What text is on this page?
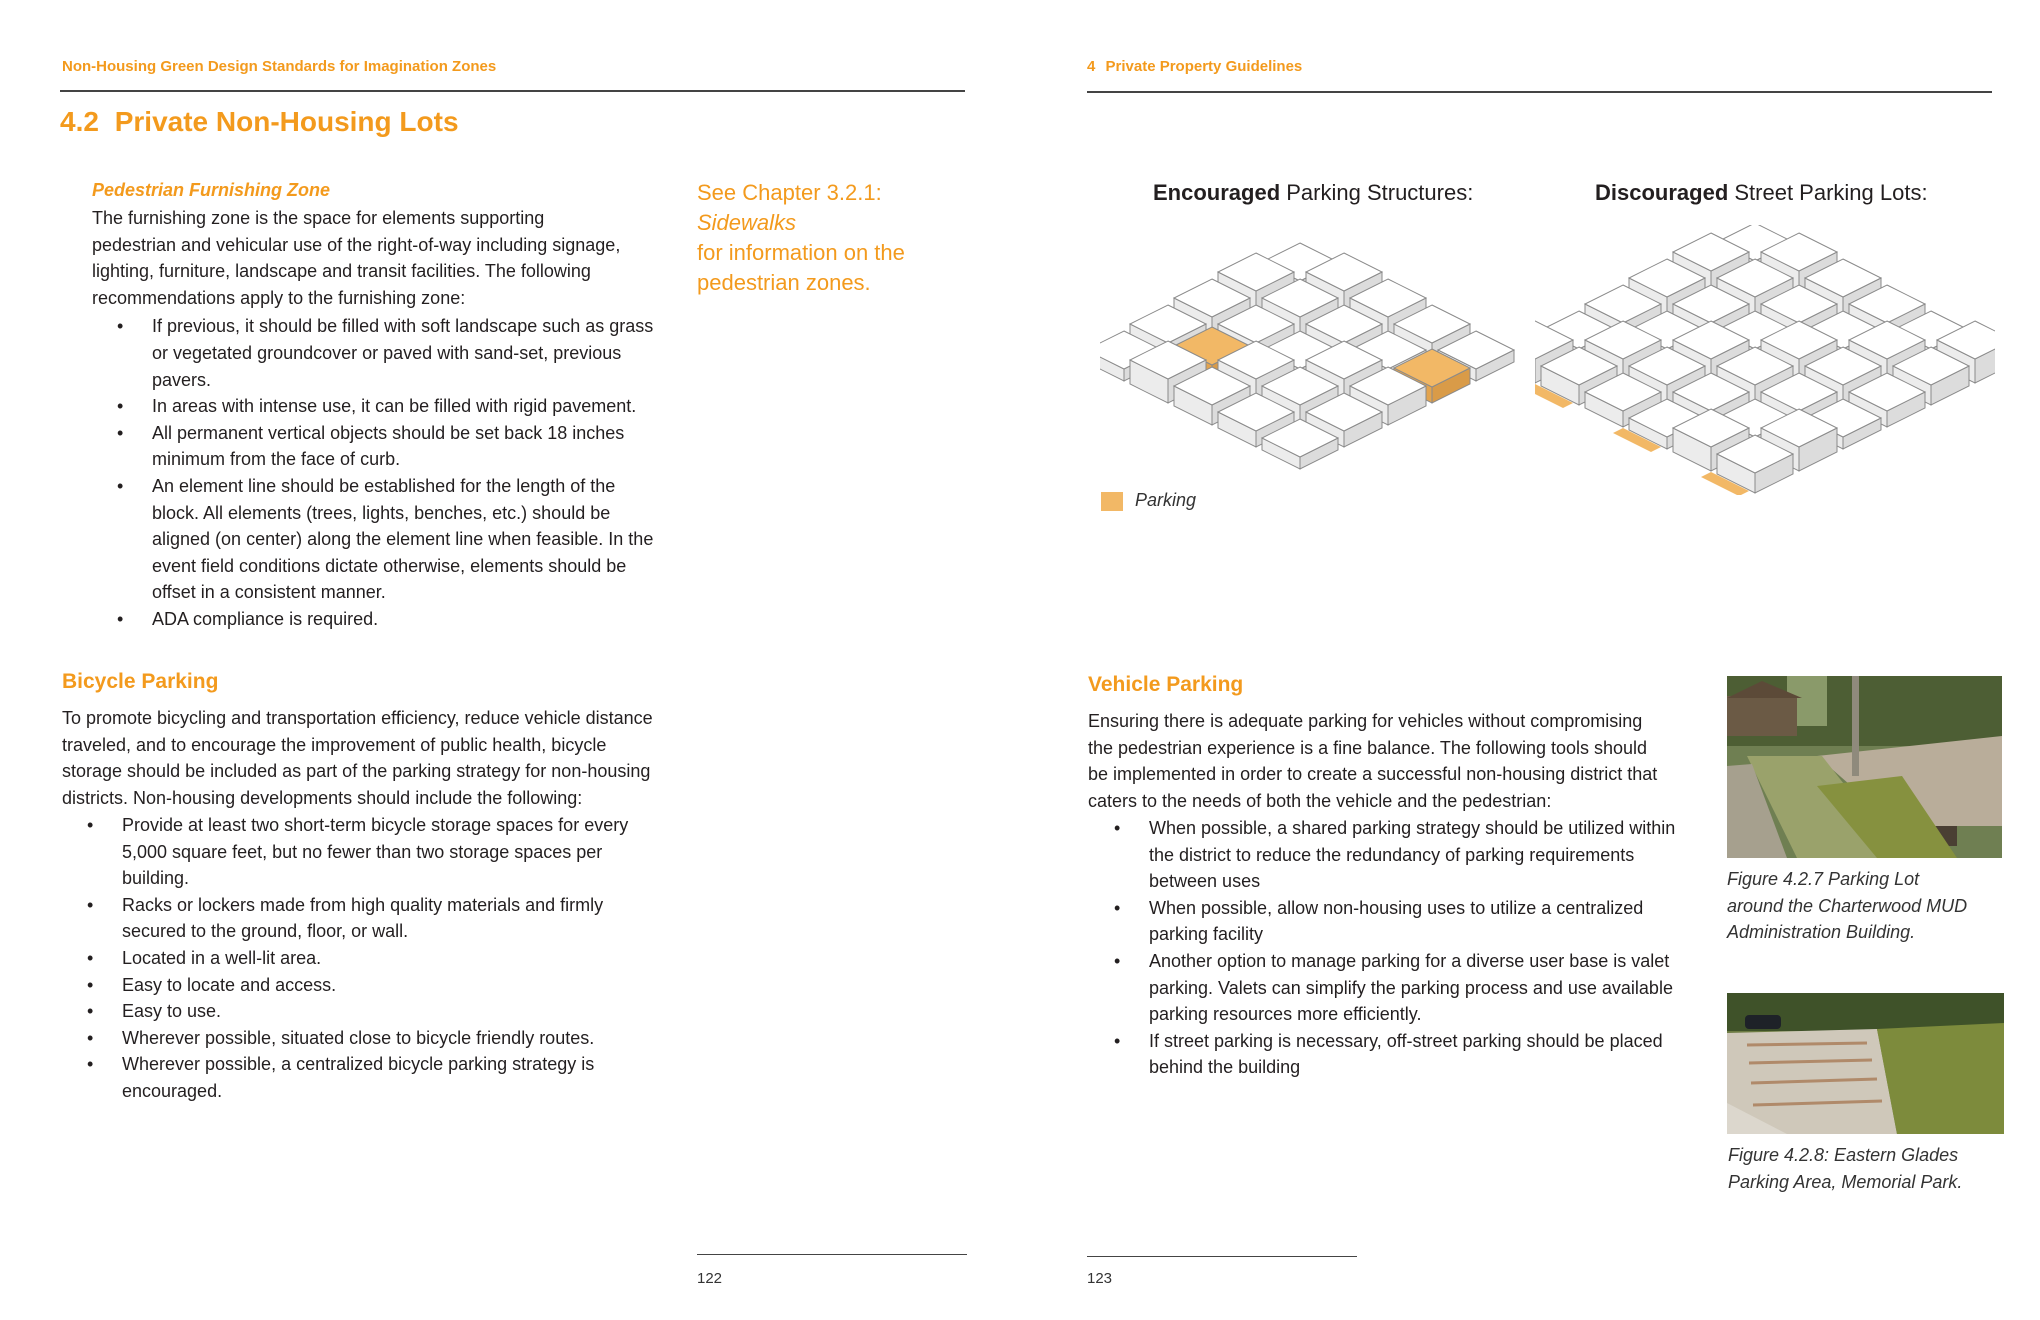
Non-Housing Green Design Standards for Imagination Zones
4.2 Private Non-Housing Lots
Pedestrian Furnishing Zone
The furnishing zone is the space for elements supporting
pedestrian and vehicular use of the right-of-way including signage,
lighting, furniture, landscape and transit facilities. The following
recommendations apply to the furnishing zone:
• If previous, it should be filled with soft landscape such as grass
or vegetated groundcover or paved with sand-set, previous
pavers.
• In areas with intense use, it can be filled with rigid pavement.
• All permanent vertical objects should be set back 18 inches
minimum from the face of curb.
• An element line should be established for the length of the
block. All elements (trees, lights, benches, etc.) should be
aligned (on center) along the element line when feasible. In the
event field conditions dictate otherwise, elements should be
offset in a consistent manner.
• ADA compliance is required.
See Chapter 3.2.1: Sidewalks
for information on the
pedestrian zones.
Bicycle Parking
To promote bicycling and transportation efficiency, reduce vehicle distance
traveled, and to encourage the improvement of public health, bicycle
storage should be included as part of the parking strategy for non-housing
districts. Non-housing developments should include the following:
• Provide at least two short-term bicycle storage spaces for every
5,000 square feet, but no fewer than two storage spaces per
building.
• Racks or lockers made from high quality materials and firmly
secured to the ground, floor, or wall.
• Located in a well-lit area.
• Easy to locate and access.
• Easy to use.
• Wherever possible, situated close to bicycle friendly routes.
• Wherever possible, a centralized bicycle parking strategy is
encouraged.
122
4 Private Property Guidelines
Encouraged Parking Structures:	Discouraged Street Parking Lots:
Parking
Vehicle Parking
Ensuring there is adequate parking for vehicles without compromising
the pedestrian experience is a fine balance. The following tools should
be implemented in order to create a successful non-housing district that
caters to the needs of both the vehicle and the pedestrian:
• When possible, a shared parking strategy should be utilized within
the district to reduce the redundancy of parking requirements
between uses
• When possible, allow non-housing uses to utilize a centralized
parking facility
• Another option to manage parking for a diverse user base is valet
parking. Valets can simplify the parking process and use available
parking resources more efficiently.
• If street parking is necessary, off-street parking should be placed
behind the building
Figure 4.2.7 Parking Lot
around the Charterwood MUD
Administration Building.
Figure 4.2.8: Eastern Glades
Parking Area, Memorial Park.
123
